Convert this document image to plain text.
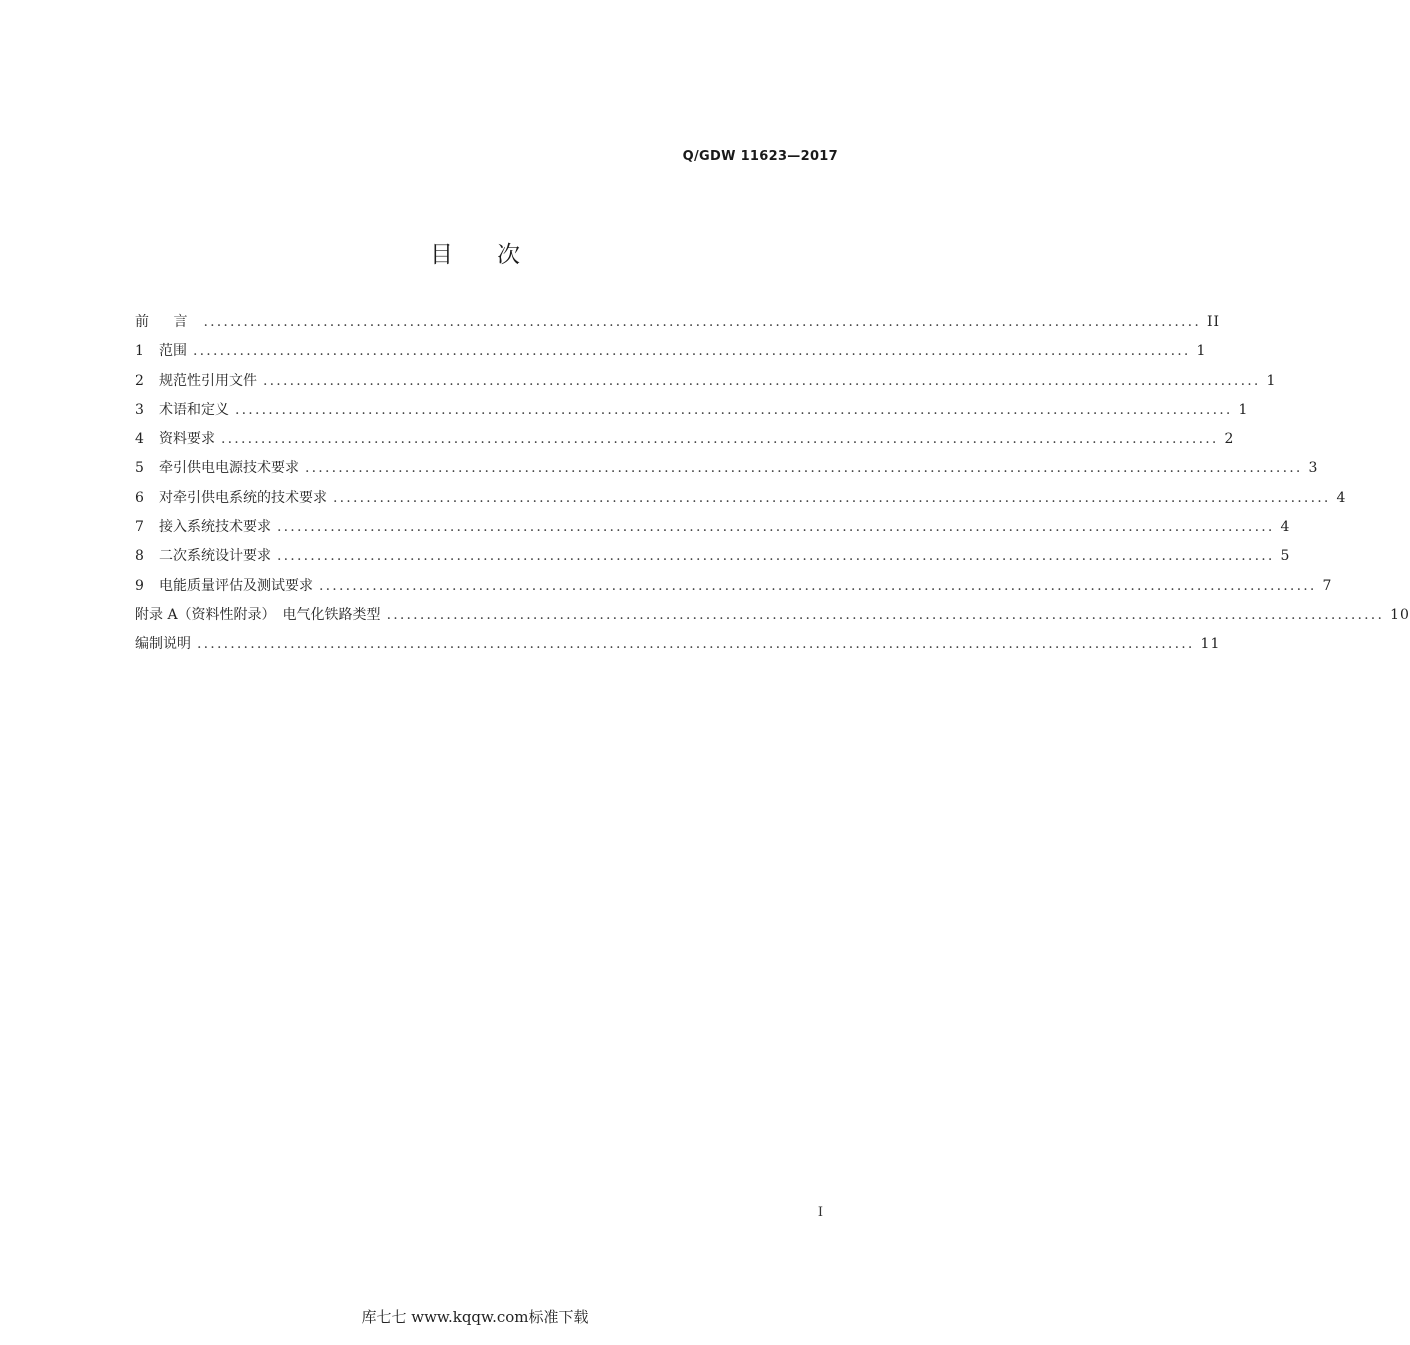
Q/GDW 11623—2017
目次
前 言 ...................................................................................................................................................... II
1	范围 ...................................................................................................................................................... 1
2	规范性引用文件 ...................................................................................................................................................... 1
3	术语和定义 ...................................................................................................................................................... 1
4	资料要求 ...................................................................................................................................................... 2
5	牵引供电电源技术要求 ...................................................................................................................................................... 3
6	对牵引供电系统的技术要求 ...................................................................................................................................................... 4
7	接入系统技术要求 ...................................................................................................................................................... 4
8	二次系统设计要求 ...................................................................................................................................................... 5
9	电能质量评估及测试要求 ...................................................................................................................................................... 7
附录 A（资料性附录）　电气化铁路类型 ...................................................................................................................................................... 10
编制说明 ...................................................................................................................................................... 11
I
库七七 www.kqqw.com标准下载
